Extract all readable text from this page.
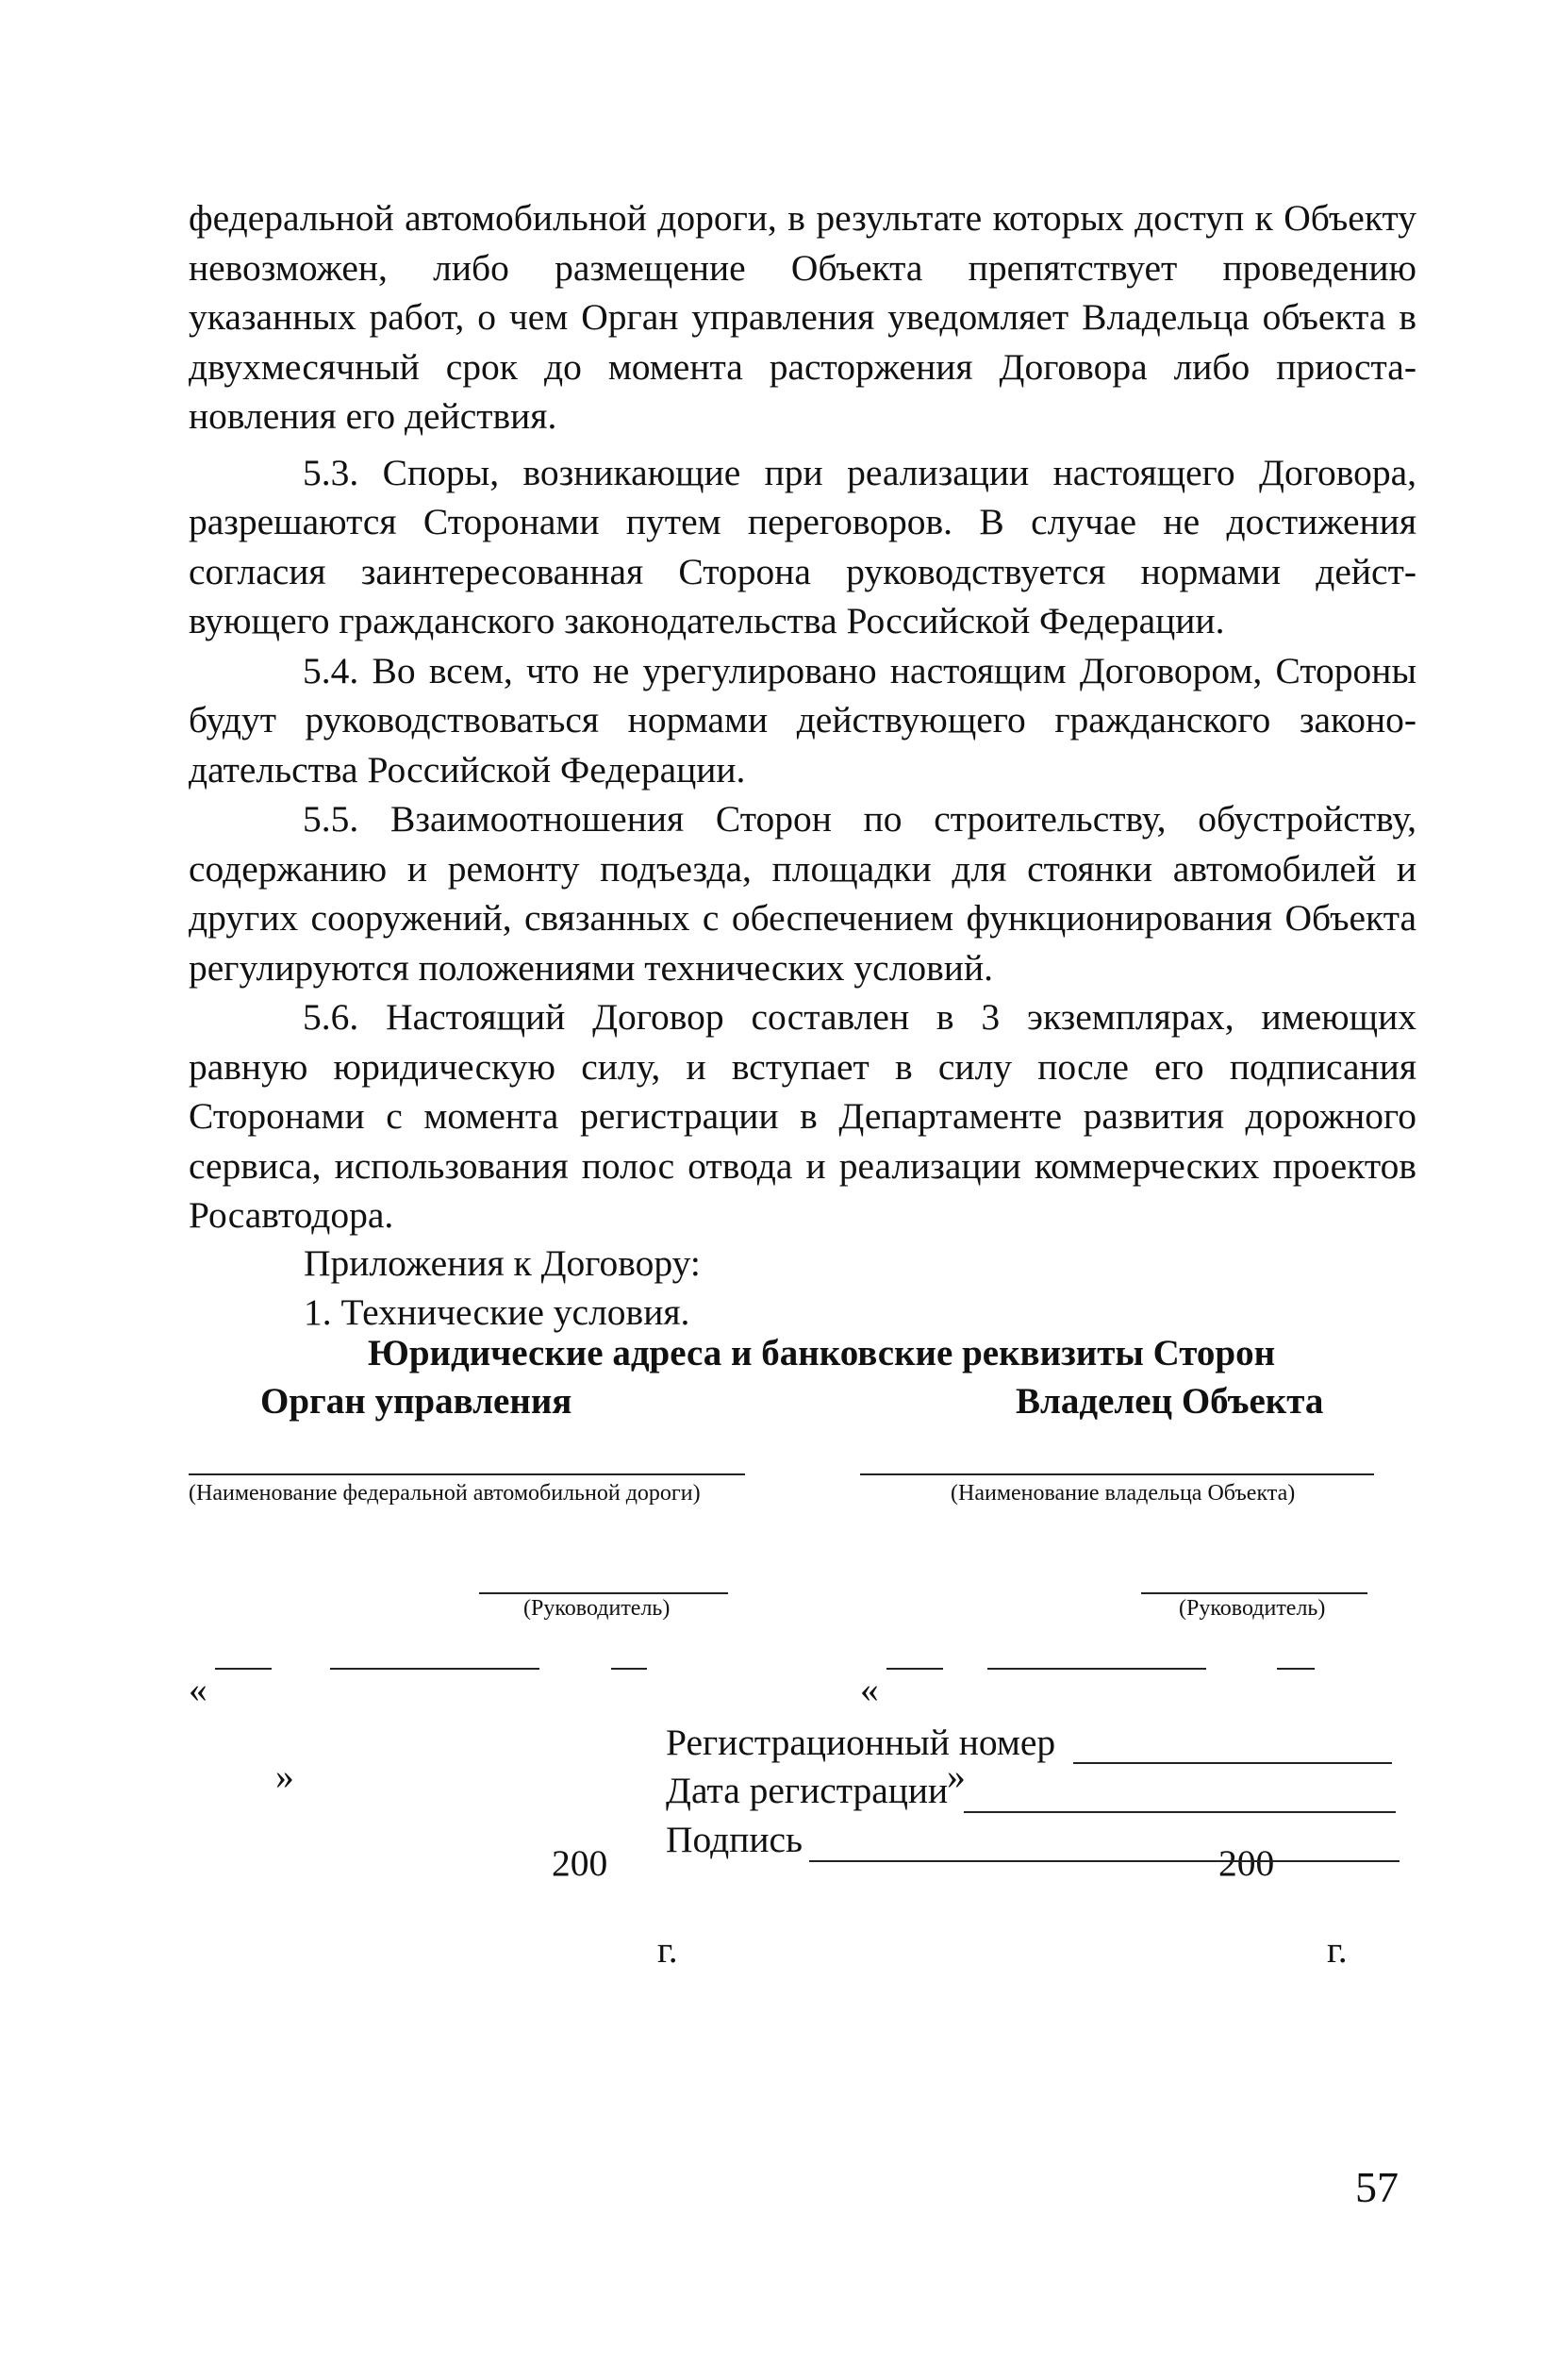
федеральной автомобильной дороги, в результате которых доступ к Объекту
невозможен, либо размещение Объекта препятствует проведению
указанных работ, о чем Орган управления уведомляет Владельца объекта в
двухмесячный срок до момента расторжения Договора либо приоста-
новления его действия.

5.3. Споры, возникающие при реализации настоящего Договора,
разрешаются Сторонами путем переговоров. В случае не достижения
согласия заинтересованная Сторона руководствуется нормами дейст-
вующего гражданского законодательства Российской Федерации.

5.4. Во всем, что не урегулировано настоящим Договором, Стороны
будут руководствоваться нормами действующего гражданского законо-
дательства Российской Федерации.

5.5. Взаимоотношения Сторон по строительству, обустройству,
содержанию и ремонту подъезда, площадки для стоянки автомобилей и
других сооружений, связанных с обеспечением функционирования Объекта
регулируются положениями технических условий.

5.6. Настоящий Договор составлен в 3 экземплярах, имеющих
равную юридическую силу, и вступает в силу после его подписания
Сторонами с момента регистрации в Департаменте развития дорожного
сервиса, использования полос отвода и реализации коммерческих проектов
Росавтодора.

Приложения к Договору:
1. Технические условия.
Юридические адреса и банковские реквизиты Сторон
Орган управления	Владелец Объекта
(Наименование федеральной автомобильной дороги)	(Наименование владельца Объекта)
(Руководитель)	(Руководитель)

«

»

200

г.

«

»

200

г.

Регистрационный номер
Дата регистрации
Подпись
57
